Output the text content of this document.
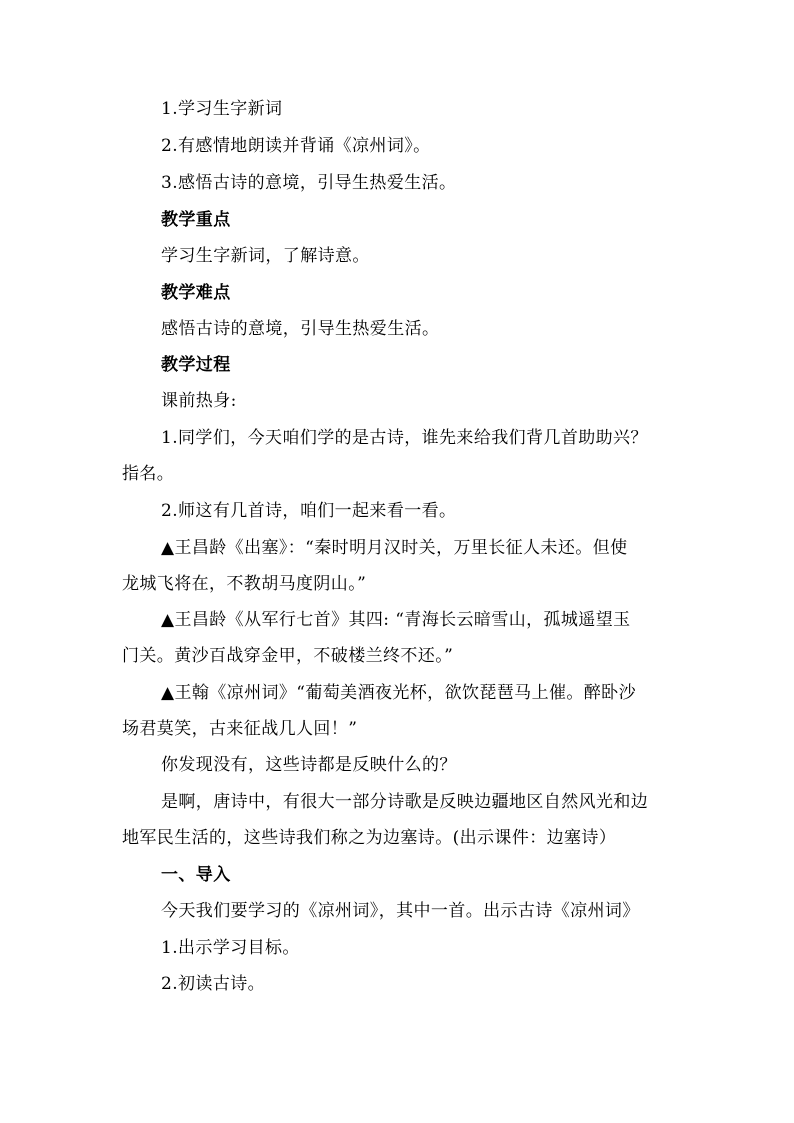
1.学习生字新词
2.有感情地朗读并背诵《凉州词》。
3.感悟古诗的意境，引导生热爱生活。
教学重点
学习生字新词，了解诗意。
教学难点
感悟古诗的意境，引导生热爱生活。
教学过程
课前热身:
1.同学们，今天咱们学的是古诗，谁先来给我们背几首助助兴？
指名。
2.师这有几首诗，咱们一起来看一看。
▲王昌龄《出塞》：“秦时明月汉时关，万里长征人未还。但使
龙城飞将在，不教胡马度阴山。”
▲王昌龄《从军行七首》其四: “青海长云暗雪山，孤城遥望玉
门关。黄沙百战穿金甲，不破楼兰终不还。”
▲王翰《凉州词》“葡萄美酒夜光杯，欲饮琵琶马上催。醉卧沙
场君莫笑，古来征战几人回！”
你发现没有，这些诗都是反映什么的？
是啊，唐诗中，有很大一部分诗歌是反映边疆地区自然风光和边
地军民生活的，这些诗我们称之为边塞诗。(出示课件：边塞诗）
一、导入
今天我们要学习的《凉州词》，其中一首。出示古诗《凉州词》
1.出示学习目标。
2.初读古诗。
